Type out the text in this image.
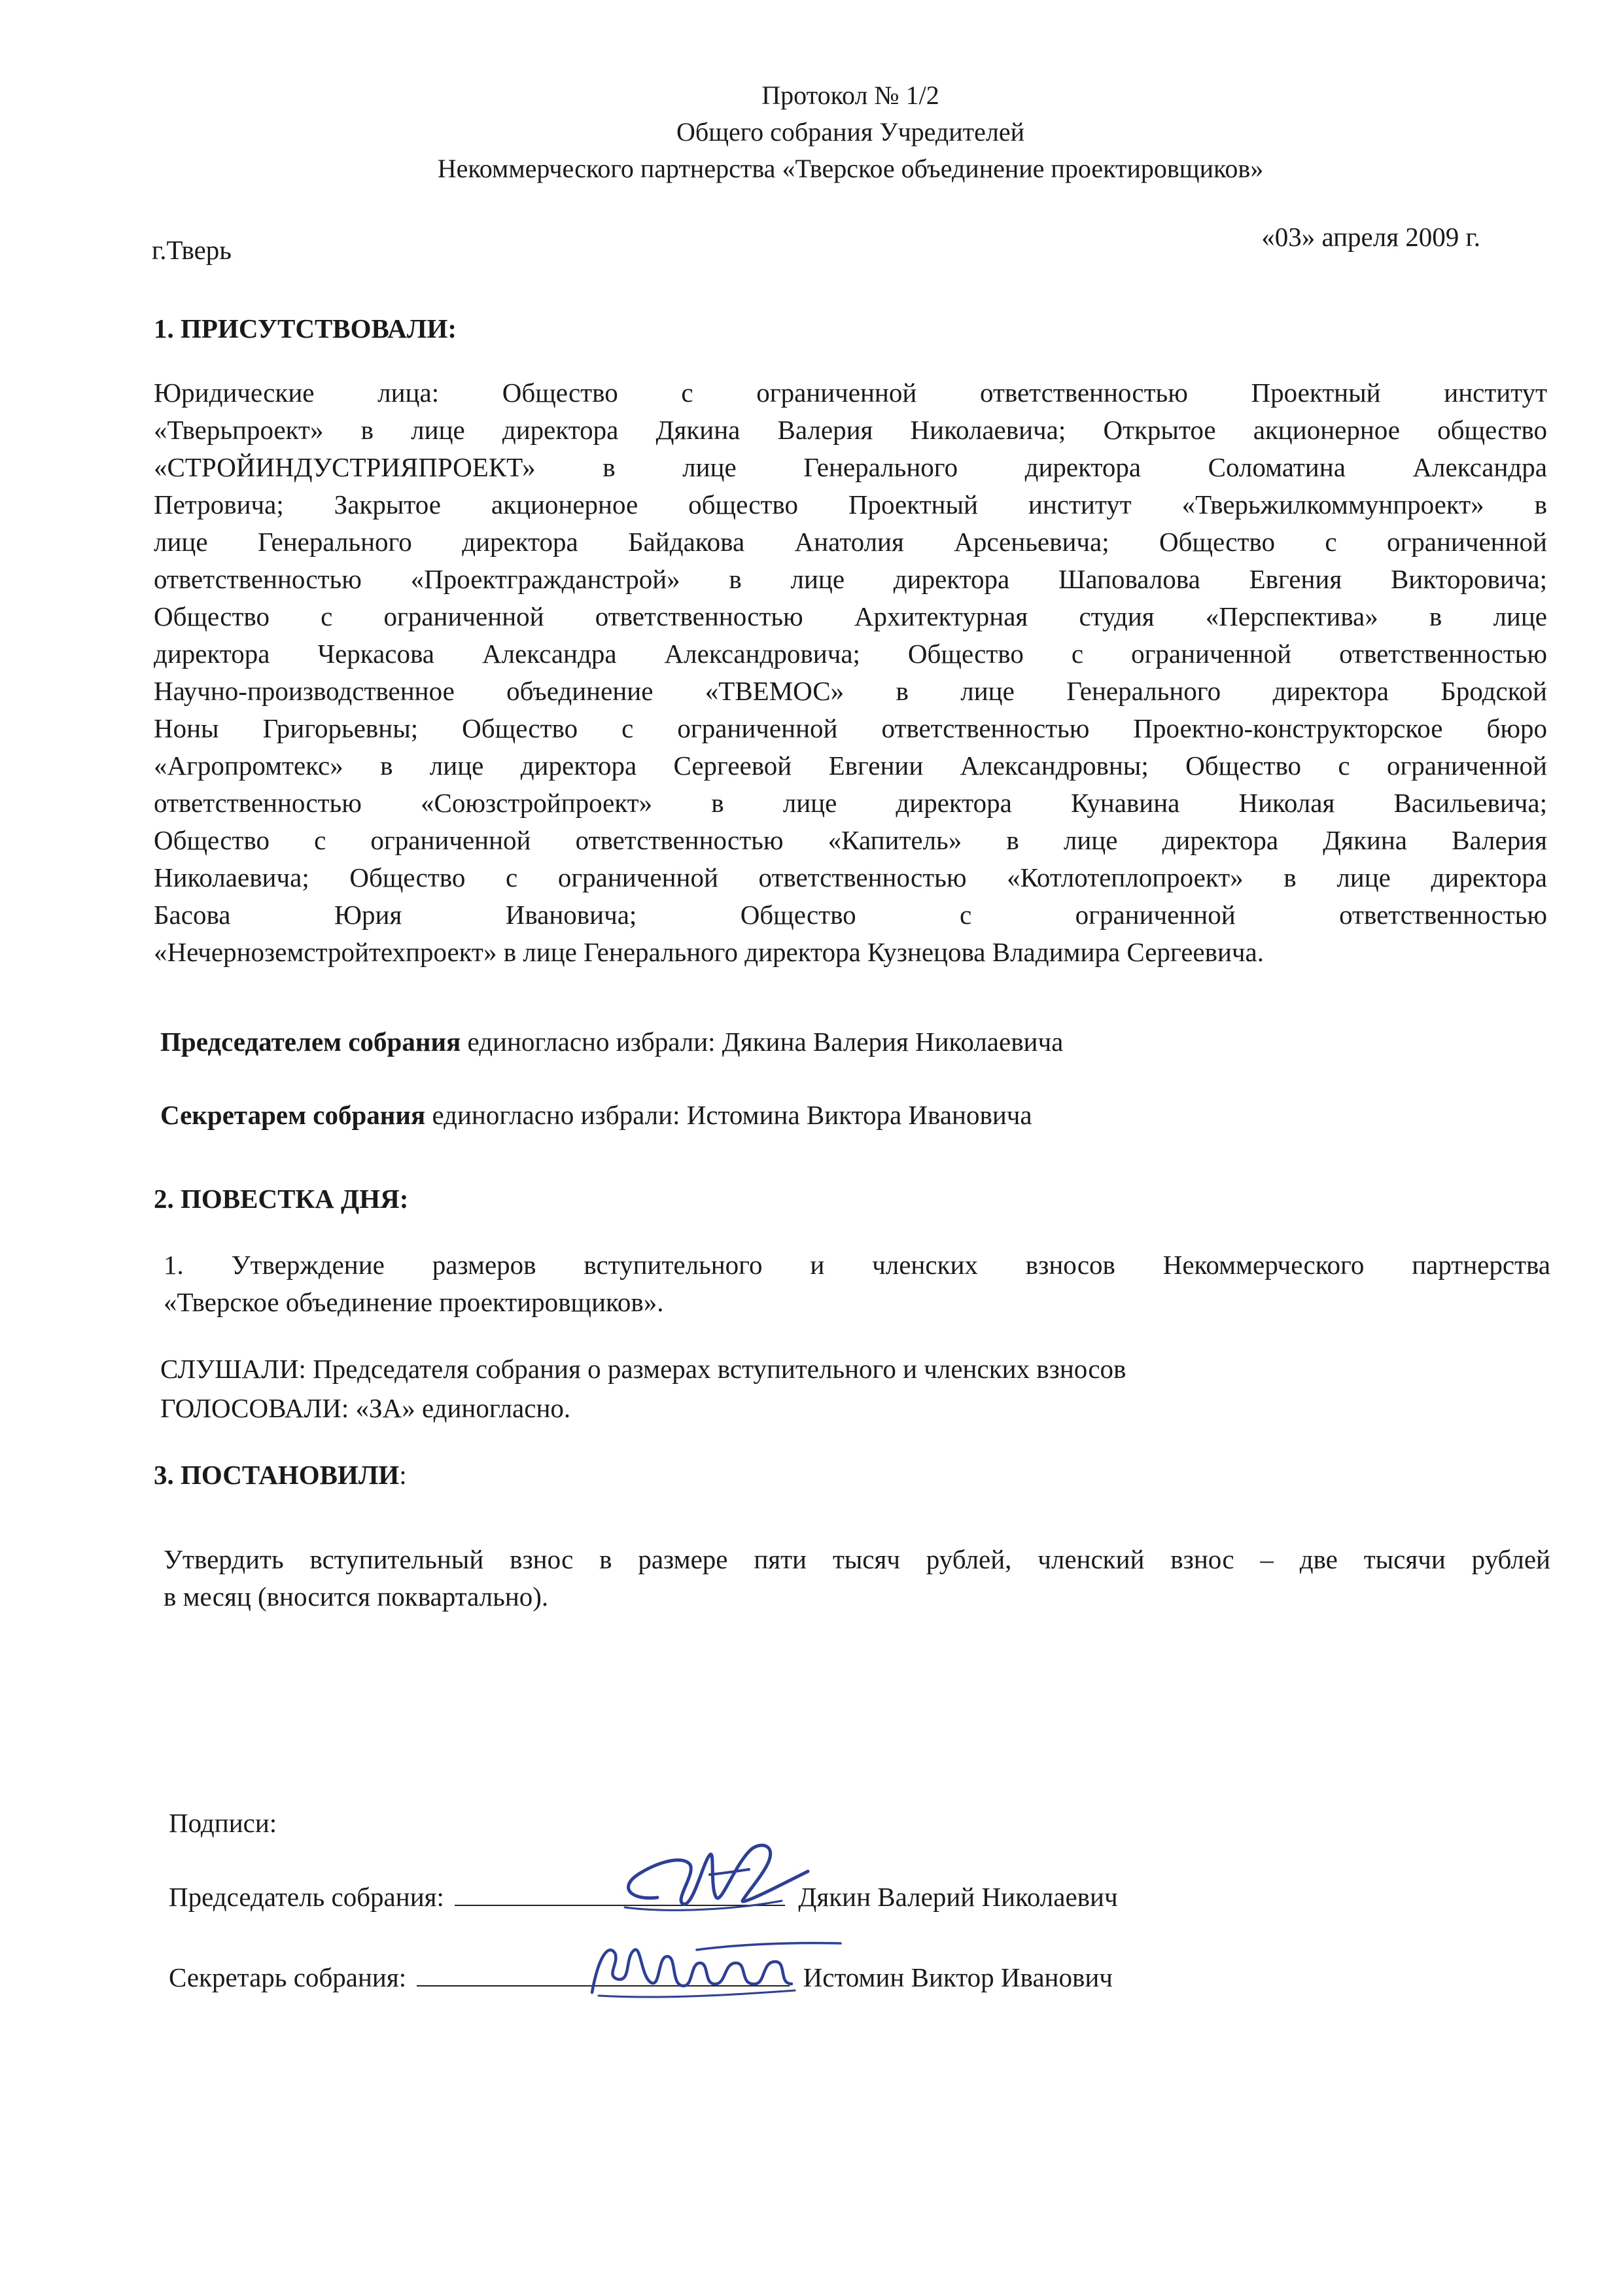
Протокол № 1/2
Общего собрания Учредителей
Некоммерческого партнерства «Тверское объединение проектировщиков»
г.Тверь	«03» апреля 2009 г.
1. ПРИСУТСТВОВАЛИ:
Юридические лица: Общество с ограниченной ответственностью Проектный институт
«Тверьпроект» в лице директора Дякина Валерия Николаевича; Открытое акционерное общество
«СТРОЙИНДУСТРИЯПРОЕКТ» в лице Генерального директора Соломатина Александра
Петровича; Закрытое акционерное общество Проектный институт «Тверьжилкоммунпроект» в
лице Генерального директора Байдакова Анатолия Арсеньевича; Общество с ограниченной
ответственностью «Проектгражданстрой» в лице директора Шаповалова Евгения Викторовича;
Общество с ограниченной ответственностью Архитектурная студия «Перспектива» в лице
директора Черкасова Александра Александровича; Общество с ограниченной ответственностью
Научно-производственное объединение «ТВЕМОС» в лице Генерального директора Бродской
Ноны Григорьевны; Общество с ограниченной ответственностью Проектно-конструкторское бюро
«Агропромтекс» в лице директора Сергеевой Евгении Александровны; Общество с ограниченной
ответственностью «Союзстройпроект» в лице директора Кунавина Николая Васильевича;
Общество с ограниченной ответственностью «Капитель» в лице директора Дякина Валерия
Николаевича; Общество с ограниченной ответственностью «Котлотеплопроект» в лице директора
Басова Юрия Ивановича; Общество с ограниченной ответственностью
«Нечерноземстройтехпроект» в лице Генерального директора Кузнецова Владимира Сергеевича.
Председателем собрания единогласно избрали: Дякина Валерия Николаевича
Секретарем собрания единогласно избрали: Истомина Виктора Ивановича
2. ПОВЕСТКА ДНЯ:
1. Утверждение размеров вступительного и членских взносов Некоммерческого партнерства
«Тверское объединение проектировщиков».
СЛУШАЛИ: Председателя собрания о размерах вступительного и членских взносов
ГОЛОСОВАЛИ: «ЗА» единогласно.
3. ПОСТАНОВИЛИ:
Утвердить вступительный взнос в размере пяти тысяч рублей, членский взнос – две тысячи рублей
в месяц (вносится поквартально).
Подписи:
Председатель собрания:	Дякин Валерий Николаевич
Секретарь собрания:	Истомин Виктор Иванович
